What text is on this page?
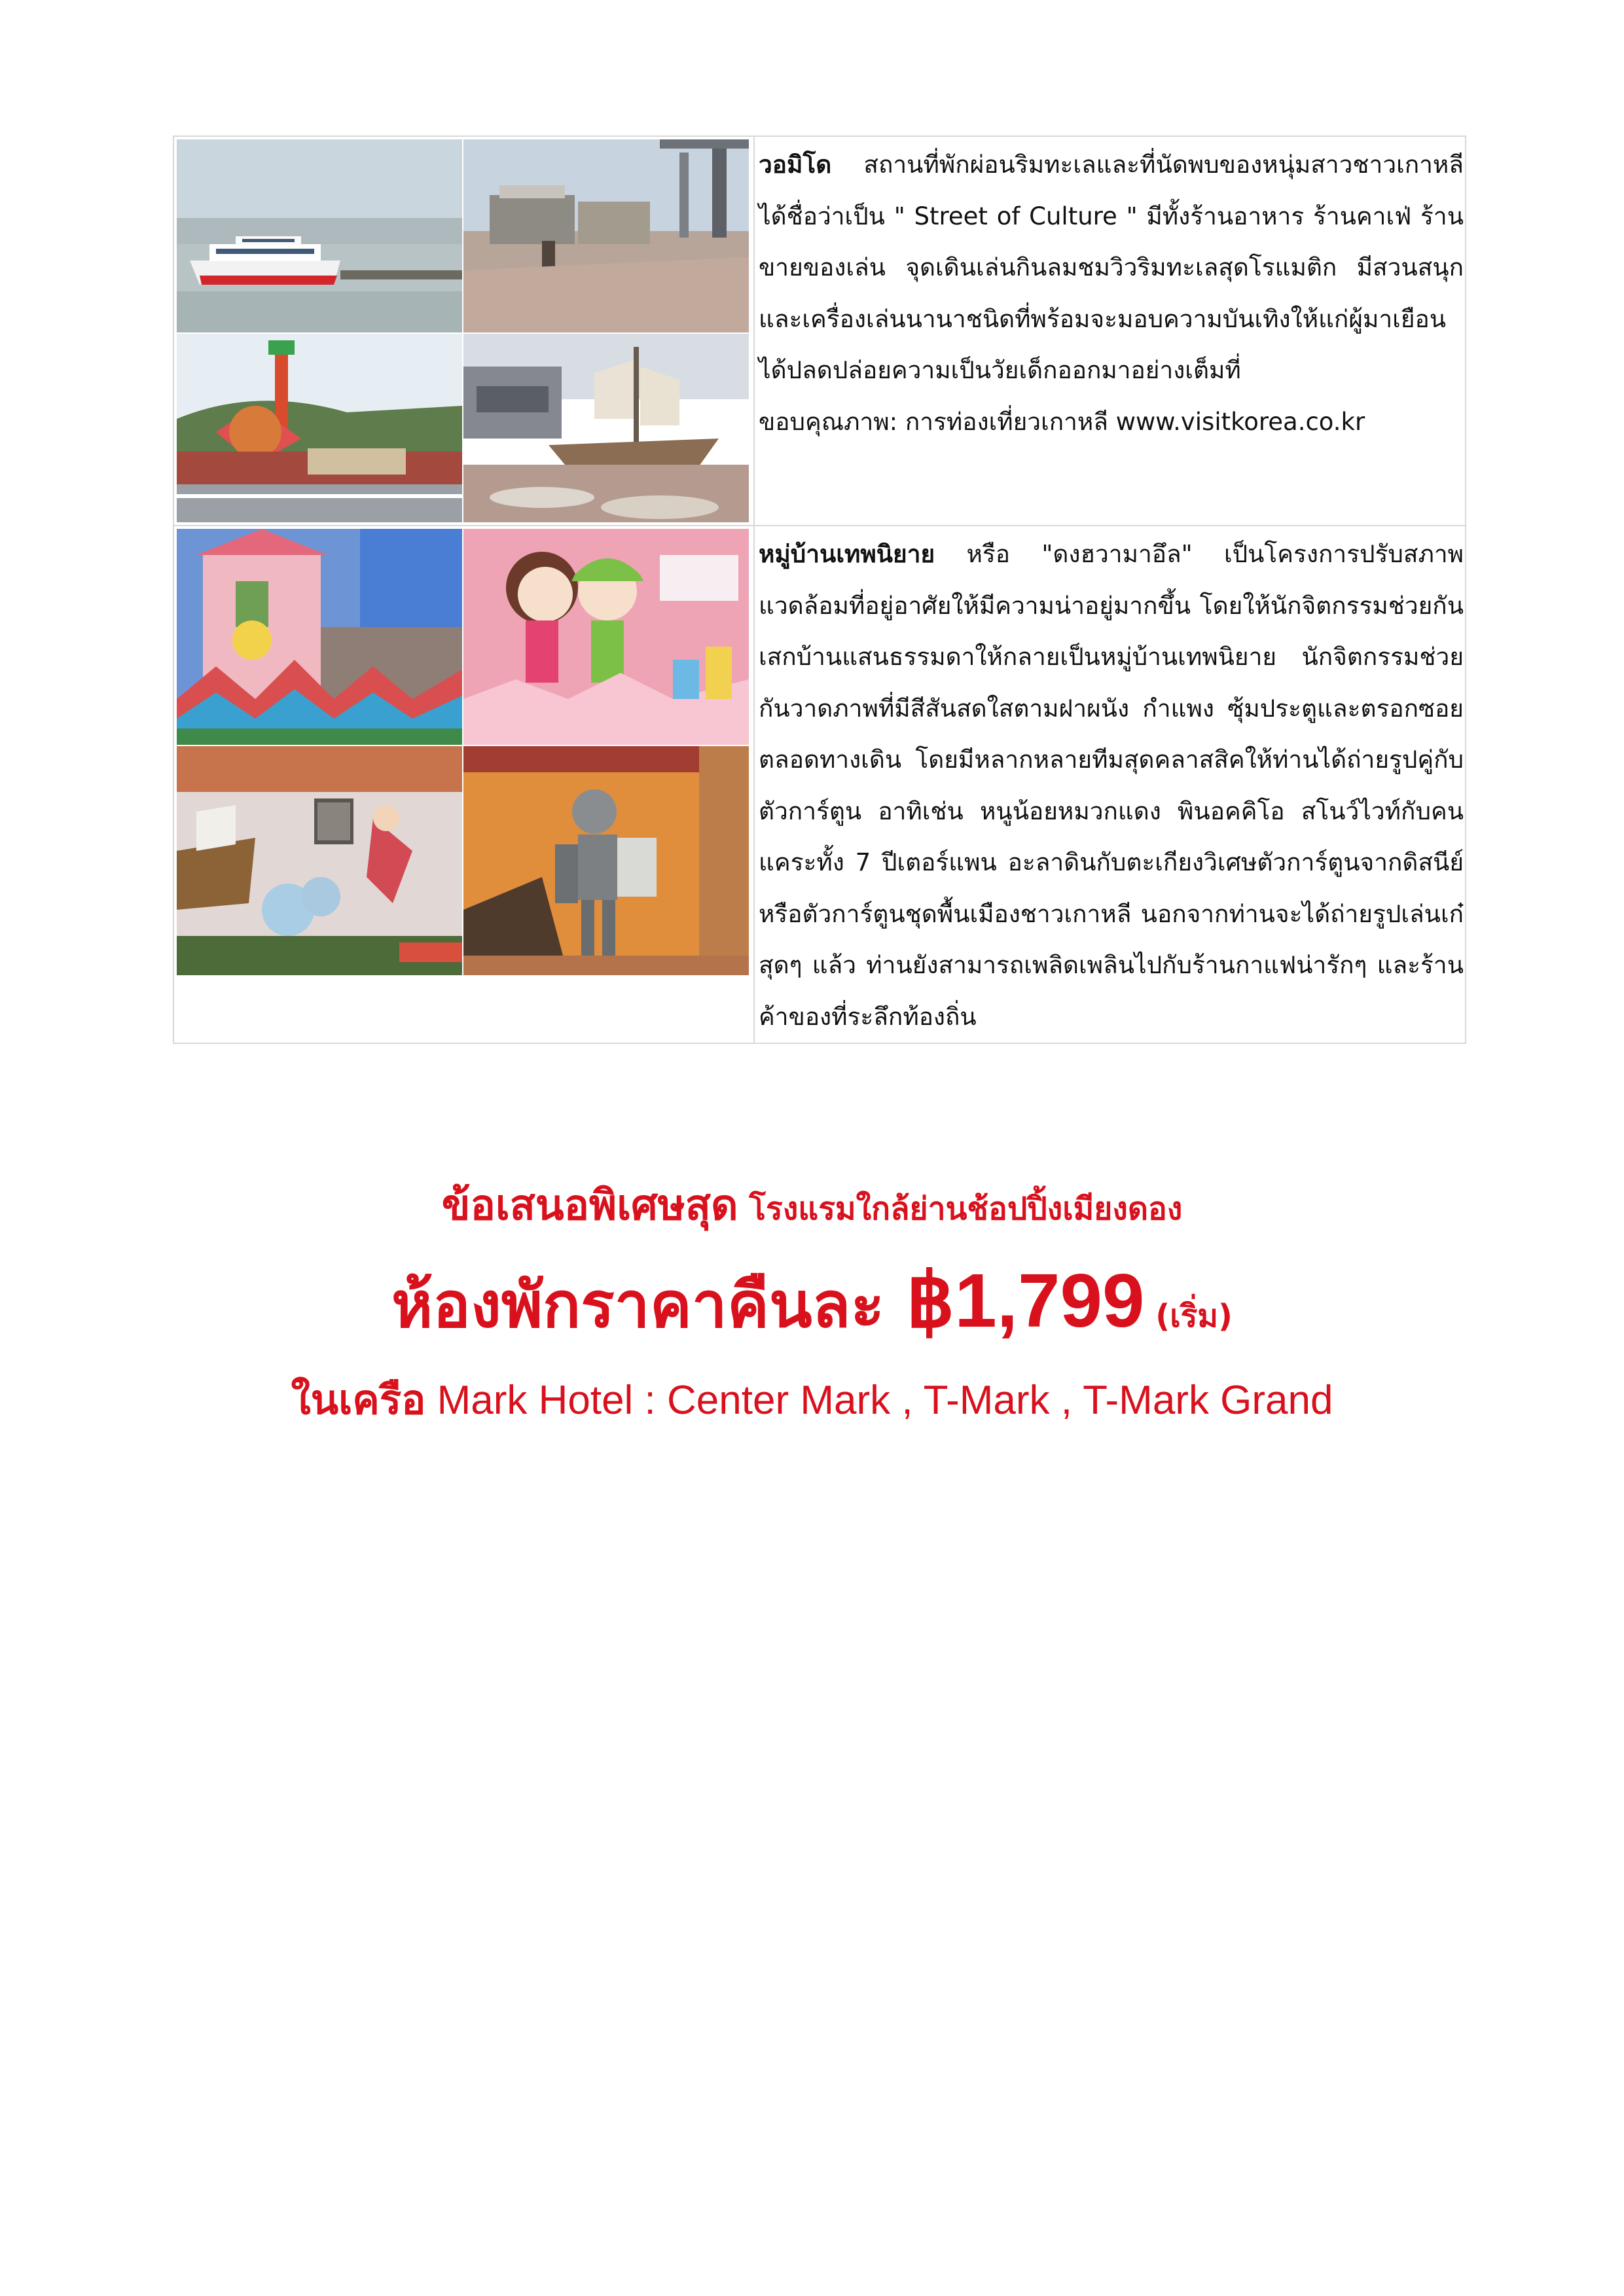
วอมิโด สถานที่พักผ่อนริมทะเลและที่นัดพบของหนุ่มสาวชาวเกาหลี ได้ชื่อว่าเป็น " Street of Culture " มีทั้งร้านอาหาร ร้านคาเฟ่ ร้านขายของเล่น จุดเดินเล่นกินลมชมวิวริมทะเลสุดโรแมติก มีสวนสนุกและเครื่องเล่นนานาชนิดที่พร้อมจะมอบความบันเทิงให้แก่ผู้มาเยือนได้ปลดปล่อยความเป็นวัยเด็กออกมาอย่างเต็มที่
ขอบคุณภาพ: การท่องเที่ยวเกาหลี www.visitkorea.co.kr

หมู่บ้านเทพนิยาย หรือ "ดงฮวามาอึล" เป็นโครงการปรับสภาพแวดล้อมที่อยู่อาศัยให้มีความน่าอยู่มากขึ้น โดยให้นักจิตกรรมช่วยกันเสกบ้านแสนธรรมดาให้กลายเป็นหมู่บ้านเทพนิยาย นักจิตกรรมช่วยกันวาดภาพที่มีสีสันสดใสตามฝาผนัง กำแพง ซุ้มประตูและตรอกซอยตลอดทางเดิน โดยมีหลากหลายทีมสุดคลาสสิคให้ท่านได้ถ่ายรูปคู่กับตัวการ์ตูน อาทิเช่น หนูน้อยหมวกแดง พินอคคิโอ สโนว์ไวท์กับคนแคระทั้ง 7 ปีเตอร์แพน อะลาดินกับตะเกียงวิเศษตัวการ์ตูนจากดิสนีย์ หรือตัวการ์ตูนชุดพื้นเมืองชาวเกาหลี นอกจากท่านจะได้ถ่ายรูปเล่นเก๋สุดๆ แล้ว ท่านยังสามารถเพลิดเพลินไปกับร้านกาแฟน่ารักๆ และร้านค้าของที่ระลึกท้องถิ่น
ข้อเสนอพิเศษสุด โรงแรมใกล้ย่านช้อปปิ้งเมียงดอง
ห้องพักราคาคืนละ ฿1,799 (เริ่ม)
ในเครือ Mark Hotel : Center Mark , T-Mark , T-Mark Grand
